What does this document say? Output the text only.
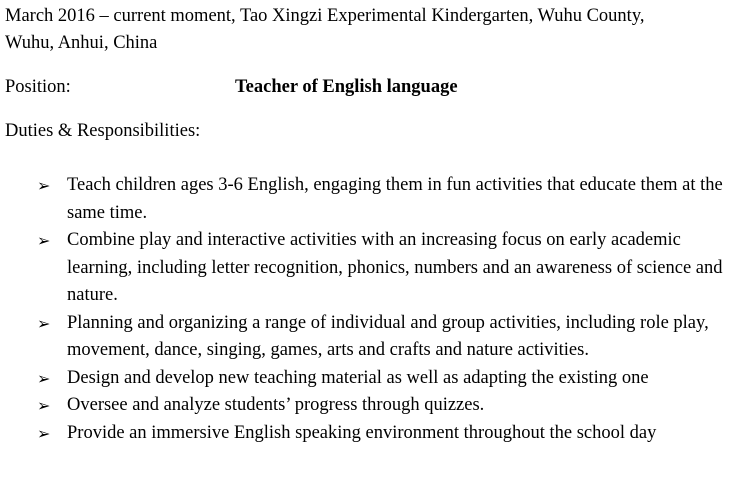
March 2016 – current moment, Tao Xingzi Experimental Kindergarten, Wuhu County,
Wuhu, Anhui, China
Position:	Teacher of English language
Duties & Responsibilities:
➢ Teach children ages 3-6 English, engaging them in fun activities that educate them at the same time.
➢ Combine play and interactive activities with an increasing focus on early academic learning, including letter recognition, phonics, numbers and an awareness of science and nature.
➢ Planning and organizing a range of individual and group activities, including role play, movement, dance, singing, games, arts and crafts and nature activities.
➢ Design and develop new teaching material as well as adapting the existing one
➢ Oversee and analyze students’ progress through quizzes.
➢ Provide an immersive English speaking environment throughout the school day
